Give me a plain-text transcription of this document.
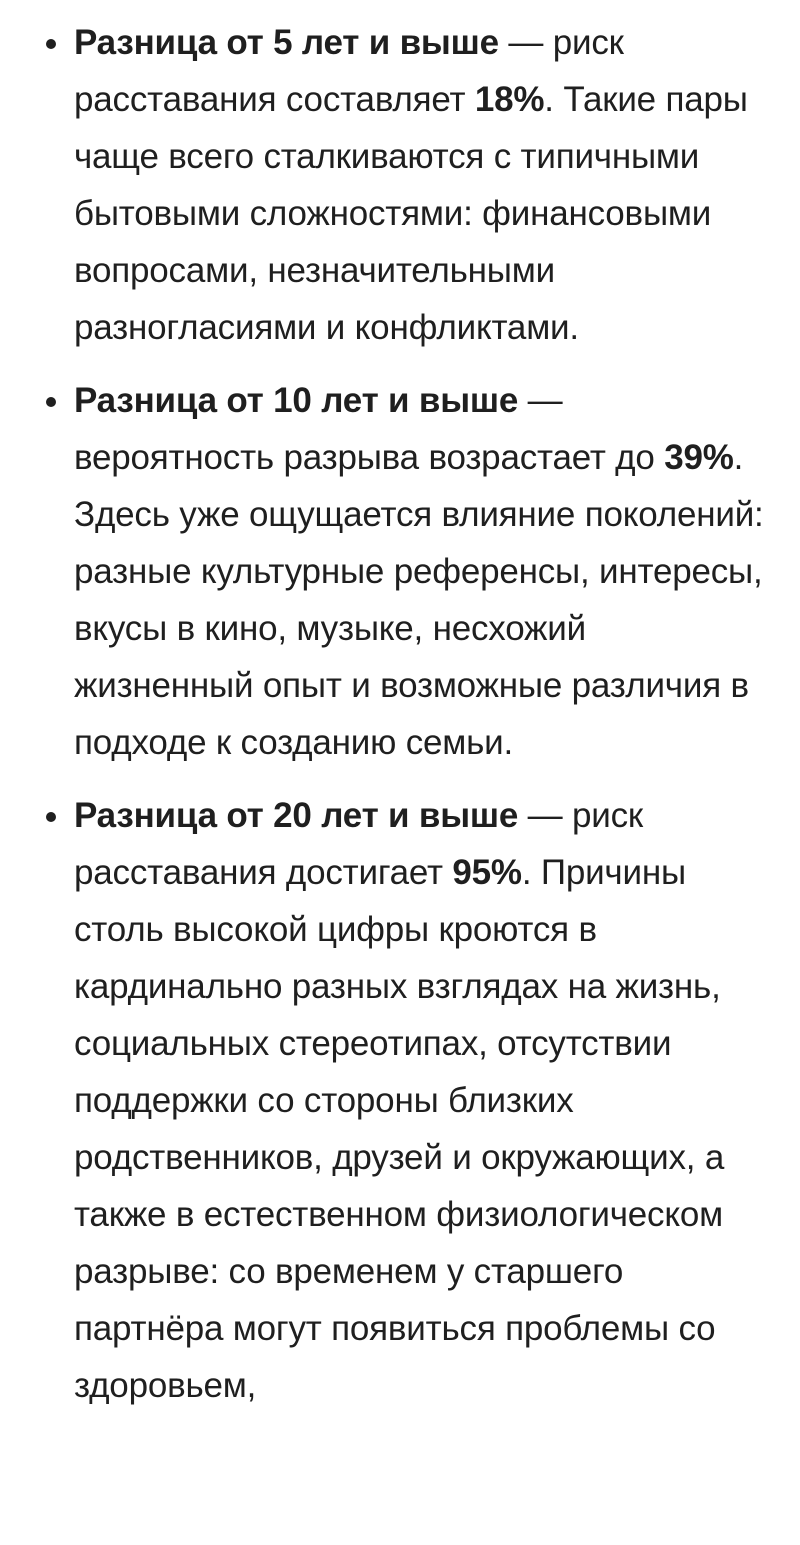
Разница от 5 лет и выше — риск расставания составляет 18%. Такие пары чаще всего сталкиваются с типичными бытовыми сложностями: финансовыми вопросами, незначительными разногласиями и конфликтами.
Разница от 10 лет и выше — вероятность разрыва возрастает до 39%. Здесь уже ощущается влияние поколений: разные культурные референсы, интересы, вкусы в кино, музыке, несхожий жизненный опыт и возможные различия в подходе к созданию семьи.
Разница от 20 лет и выше — риск расставания достигает 95%. Причины столь высокой цифры кроются в кардинально разных взглядах на жизнь, социальных стереотипах, отсутствии поддержки со стороны близких родственников, друзей и окружающих, а также в естественном физиологическом разрыве: со временем у старшего партнёра могут появиться проблемы со здоровьем,
